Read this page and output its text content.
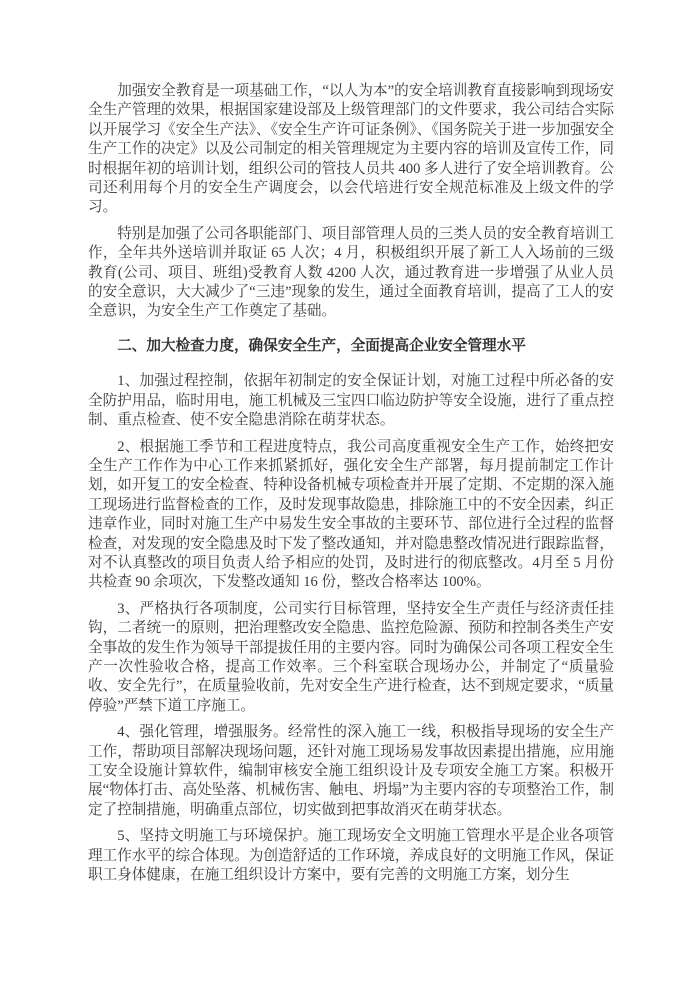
加强安全教育是一项基础工作，“以人为本”的安全培训教育直接影响到现场安全生产管理的效果，根据国家建设部及上级管理部门的文件要求，我公司结合实际以开展学习《安全生产法》、《安全生产许可证条例》、《国务院关于进一步加强安全生产工作的决定》以及公司制定的相关管理规定为主要内容的培训及宣传工作，同时根据年初的培训计划，组织公司的管技人员共 400 多人进行了安全培训教育。公司还利用每个月的安全生产调度会，以会代培进行安全规范标准及上级文件的学习。

特别是加强了公司各职能部门、项目部管理人员的三类人员的安全教育培训工作，全年共外送培训并取证 65 人次；4 月，积极组织开展了新工人入场前的三级教育(公司、项目、班组)受教育人数 4200 人次，通过教育进一步增强了从业人员的安全意识，大大减少了“三违”现象的发生，通过全面教育培训，提高了工人的安全意识，为安全生产工作奠定了基础。

二、加大检查力度，确保安全生产，全面提高企业安全管理水平

1、加强过程控制，依据年初制定的安全保证计划，对施工过程中所必备的安全防护用品，临时用电，施工机械及三宝四口临边防护等安全设施，进行了重点控制、重点检查、使不安全隐患消除在萌芽状态。

2、根据施工季节和工程进度特点，我公司高度重视安全生产工作，始终把安全生产工作作为中心工作来抓紧抓好，强化安全生产部署，每月提前制定工作计划，如开复工的安全检查、特种设备机械专项检查并开展了定期、不定期的深入施工现场进行监督检查的工作，及时发现事故隐患，排除施工中的不安全因素，纠正违章作业，同时对施工生产中易发生安全事故的主要环节、部位进行全过程的监督检查，对发现的安全隐患及时下发了整改通知，并对隐患整改情况进行跟踪监督，对不认真整改的项目负责人给予相应的处罚，及时进行的彻底整改。4月至 5 月份共检查 90 余项次，下发整改通知 16 份，整改合格率达 100%。

3、严格执行各项制度，公司实行目标管理，坚持安全生产责任与经济责任挂钩，二者统一的原则，把治理整改安全隐患、监控危险源、预防和控制各类生产安全事故的发生作为领导干部提拔任用的主要内容。同时为确保公司各项工程安全生产一次性验收合格，提高工作效率。三个科室联合现场办公，并制定了“质量验收、安全先行”，在质量验收前，先对安全生产进行检查，达不到规定要求，“质量停验”严禁下道工序施工。

4、强化管理，增强服务。经常性的深入施工一线，积极指导现场的安全生产工作，帮助项目部解决现场问题，还针对施工现场易发事故因素提出措施，应用施工安全设施计算软件，编制审核安全施工组织设计及专项安全施工方案。积极开展“物体打击、高处坠落、机械伤害、触电、坍塌”为主要内容的专项整治工作，制定了控制措施，明确重点部位，切实做到把事故消灭在萌芽状态。

5、坚持文明施工与环境保护。施工现场安全文明施工管理水平是企业各项管理工作水平的综合体现。为创造舒适的工作环境，养成良好的文明施工作风，保证职工身体健康，在施工组织设计方案中，要有完善的文明施工方案，划分生
